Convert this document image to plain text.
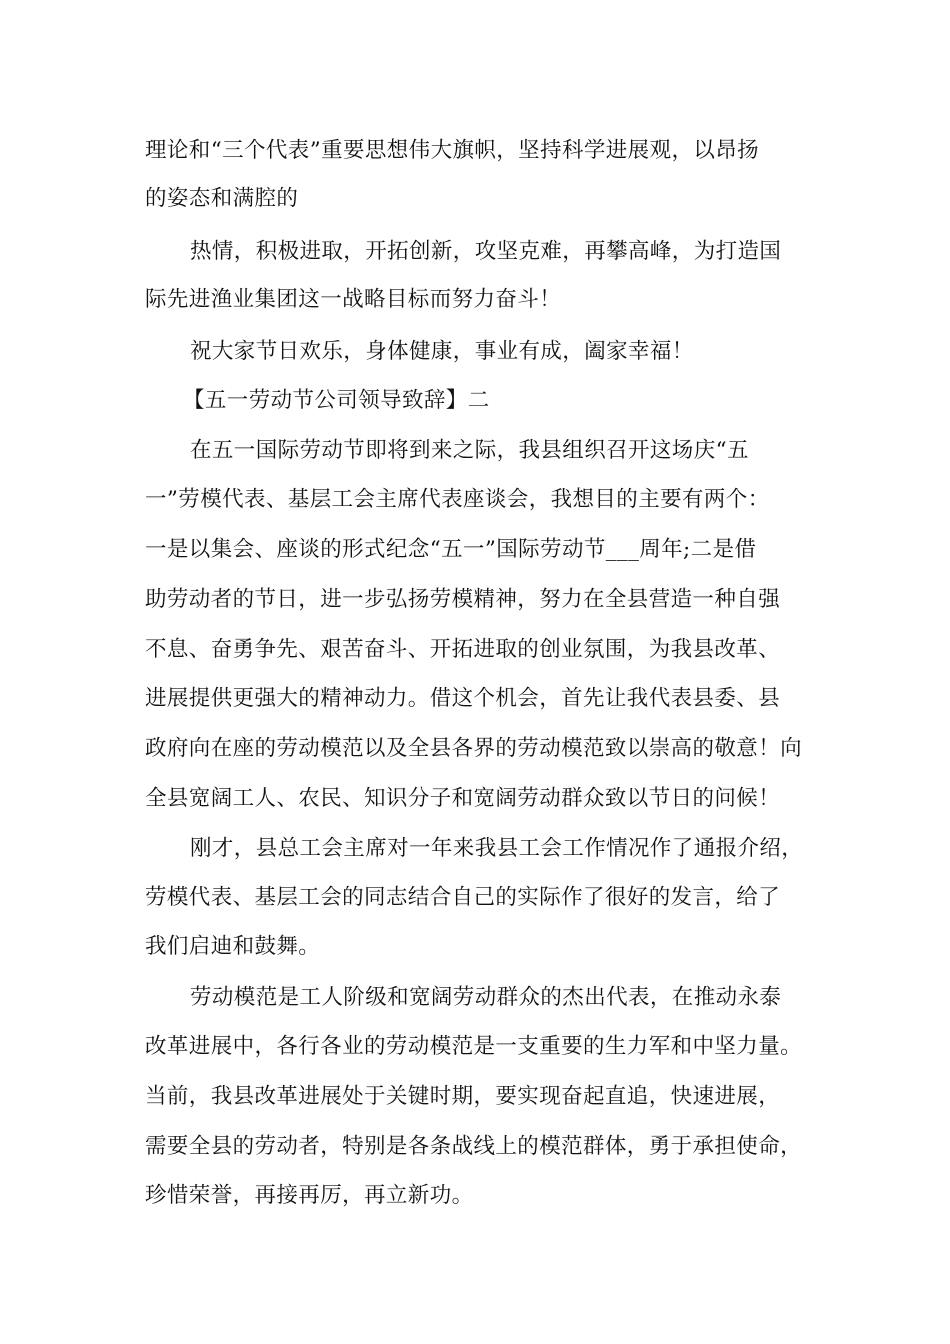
理论和“三个代表”重要思想伟大旗帜，坚持科学进展观，以昂扬
的姿态和满腔的
热情，积极进取，开拓创新，攻坚克难，再攀高峰，为打造国
际先进渔业集团这一战略目标而努力奋斗！
祝大家节日欢乐，身体健康，事业有成，阖家幸福！
【五一劳动节公司领导致辞】二
在五一国际劳动节即将到来之际，我县组织召开这场庆“五
一”劳模代表、基层工会主席代表座谈会，我想目的主要有两个：
一是以集会、座谈的形式纪念“五一”国际劳动节___周年;二是借
助劳动者的节日，进一步弘扬劳模精神，努力在全县营造一种自强
不息、奋勇争先、艰苦奋斗、开拓进取的创业氛围，为我县改革、
进展提供更强大的精神动力。借这个机会，首先让我代表县委、县
政府向在座的劳动模范以及全县各界的劳动模范致以崇高的敬意！向
全县宽阔工人、农民、知识分子和宽阔劳动群众致以节日的问候！
刚才，县总工会主席对一年来我县工会工作情况作了通报介绍，
劳模代表、基层工会的同志结合自己的实际作了很好的发言，给了
我们启迪和鼓舞。
劳动模范是工人阶级和宽阔劳动群众的杰出代表，在推动永泰
改革进展中，各行各业的劳动模范是一支重要的生力军和中坚力量。
当前，我县改革进展处于关键时期，要实现奋起直追，快速进展，
需要全县的劳动者，特别是各条战线上的模范群体，勇于承担使命，
珍惜荣誉，再接再厉，再立新功。
